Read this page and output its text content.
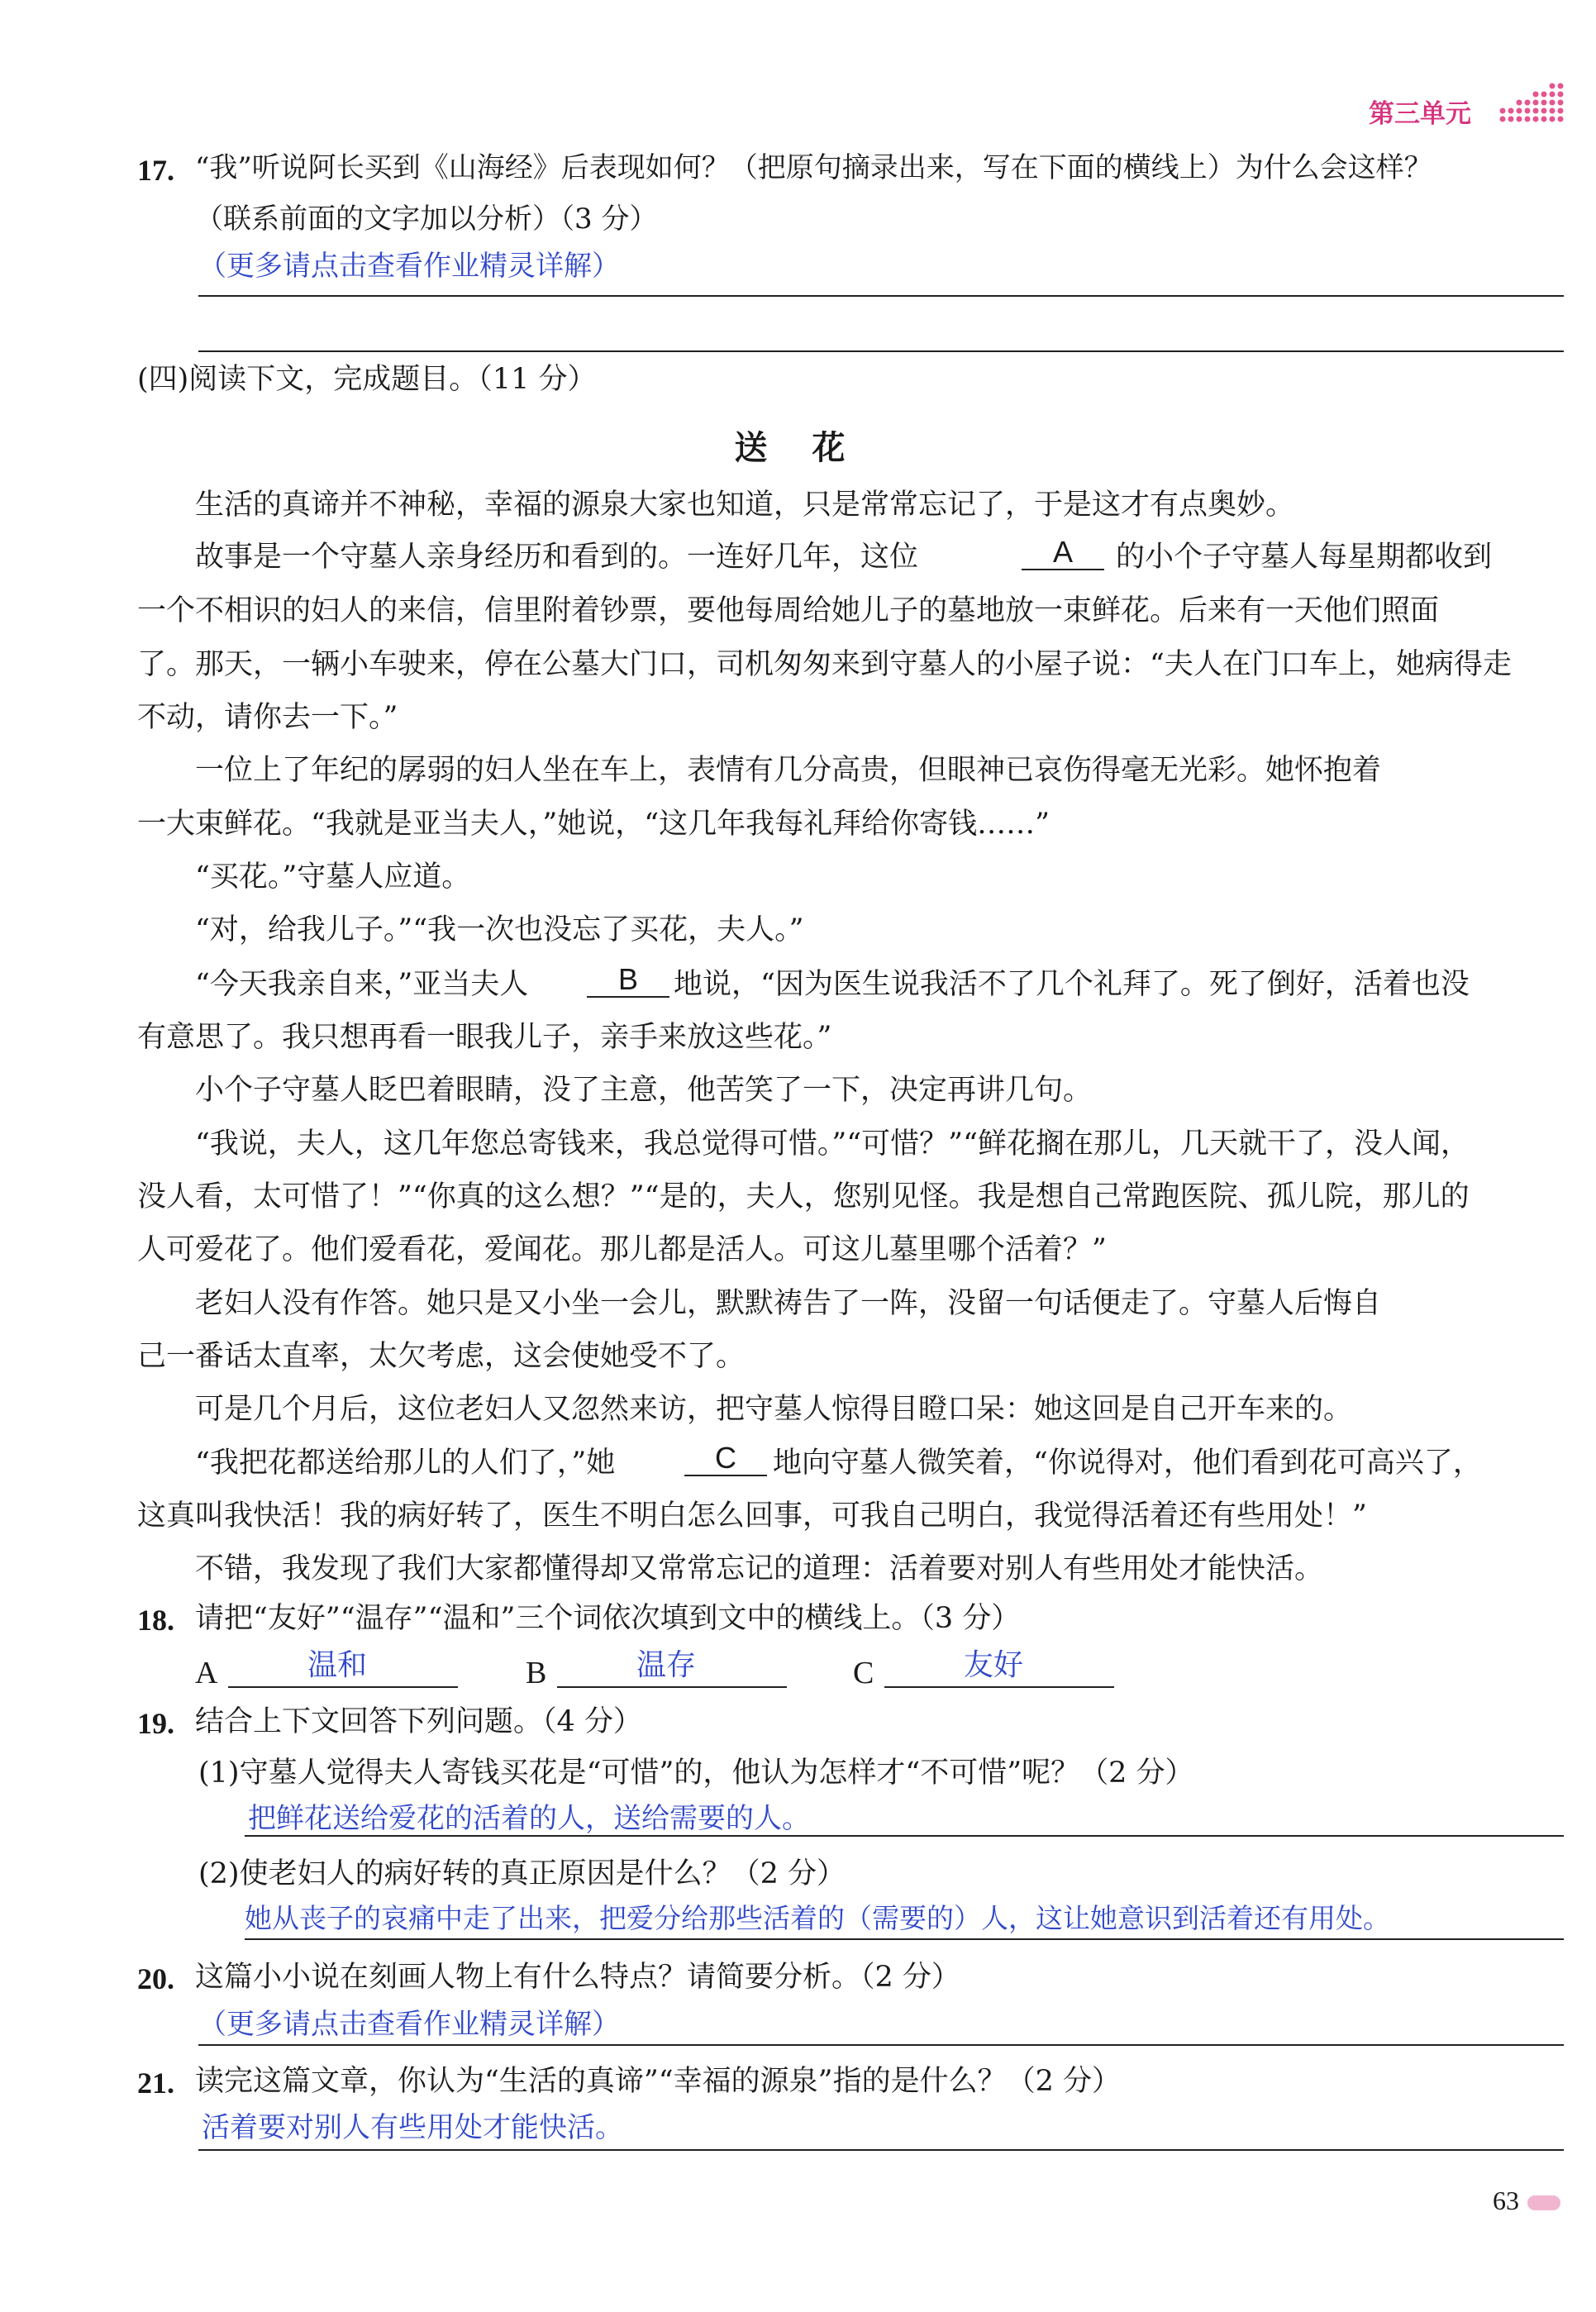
第三单元
17. “我”听说阿长买到《山海经》后表现如何？（把原句摘录出来，写在下面的横线上）为什么会这样？
（联系前面的文字加以分析）（3 分）
（更多请点击查看作业精灵详解）
(四)阅读下文，完成题目。（11 分）
送 花
生活的真谛并不神秘，幸福的源泉大家也知道，只是常常忘记了，于是这才有点奥妙。
故事是一个守墓人亲身经历和看到的。一连好几年，这位	A	的小个子守墓人每星期都收到
一个不相识的妇人的来信，信里附着钞票，要他每周给她儿子的墓地放一束鲜花。后来有一天他们照面
了。那天，一辆小车驶来，停在公墓大门口，司机匆匆来到守墓人的小屋子说：“夫人在门口车上，她病得走
不动，请你去一下。”
一位上了年纪的孱弱的妇人坐在车上，表情有几分高贵，但眼神已哀伤得毫无光彩。她怀抱着
一大束鲜花。“我就是亚当夫人，”她说，“这几年我每礼拜给你寄钱……”
“买花。”守墓人应道。
“对，给我儿子。”“我一次也没忘了买花，夫人。”
“今天我亲自来，”亚当夫人	B	地说，“因为医生说我活不了几个礼拜了。死了倒好，活着也没
有意思了。我只想再看一眼我儿子，亲手来放这些花。”
小个子守墓人眨巴着眼睛，没了主意，他苦笑了一下，决定再讲几句。
“我说，夫人，这几年您总寄钱来，我总觉得可惜。”“可惜？”“鲜花搁在那儿，几天就干了，没人闻，
没人看，太可惜了！”“你真的这么想？”“是的，夫人，您别见怪。我是想自己常跑医院、孤儿院，那儿的
人可爱花了。他们爱看花，爱闻花。那儿都是活人。可这儿墓里哪个活着？”
老妇人没有作答。她只是又小坐一会儿，默默祷告了一阵，没留一句话便走了。守墓人后悔自
己一番话太直率，太欠考虑，这会使她受不了。
可是几个月后，这位老妇人又忽然来访，把守墓人惊得目瞪口呆：她这回是自己开车来的。
“我把花都送给那儿的人们了，”她	C	地向守墓人微笑着，“你说得对，他们看到花可高兴了，
这真叫我快活！我的病好转了，医生不明白怎么回事，可我自己明白，我觉得活着还有些用处！”
不错，我发现了我们大家都懂得却又常常忘记的道理：活着要对别人有些用处才能快活。
18. 请把“友好”“温存”“温和”三个词依次填到文中的横线上。（3 分）
A	温和	B	温存	C	友好
19. 结合上下文回答下列问题。（4 分）
(1)守墓人觉得夫人寄钱买花是“可惜”的，他认为怎样才“不可惜”呢？（2 分）
把鲜花送给爱花的活着的人，送给需要的人。
(2)使老妇人的病好转的真正原因是什么？（2 分）
她从丧子的哀痛中走了出来，把爱分给那些活着的（需要的）人，这让她意识到活着还有用处。
20. 这篇小小说在刻画人物上有什么特点？请简要分析。（2 分）
（更多请点击查看作业精灵详解）
21. 读完这篇文章，你认为“生活的真谛”“幸福的源泉”指的是什么？（2 分）
活着要对别人有些用处才能快活。
63
